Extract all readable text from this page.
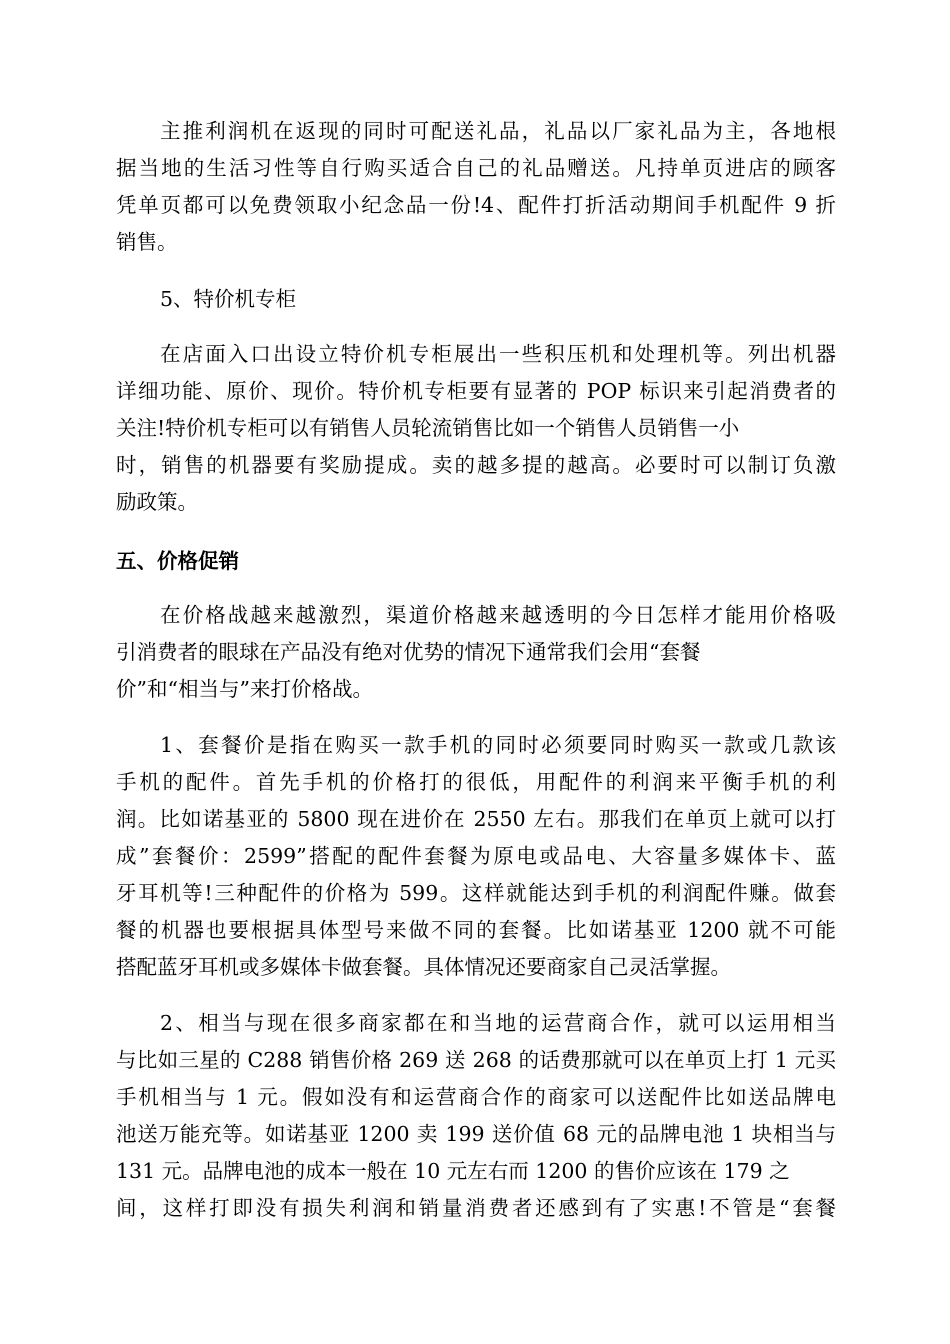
主推利润机在返现的同时可配送礼品，礼品以厂家礼品为主，各地根
据当地的生活习性等自行购买适合自己的礼品赠送。凡持单页进店的顾客
凭单页都可以免费领取小纪念品一份!4、配件打折活动期间手机配件 9 折
销售。
5、特价机专柜
在店面入口出设立特价机专柜展出一些积压机和处理机等。列出机器
详细功能、原价、现价。特价机专柜要有显著的 POP 标识来引起消费者的
关注!特价机专柜可以有销售人员轮流销售比如一个销售人员销售一小
时，销售的机器要有奖励提成。卖的越多提的越高。必要时可以制订负激
励政策。
五、价格促销
在价格战越来越激烈，渠道价格越来越透明的今日怎样才能用价格吸
引消费者的眼球在产品没有绝对优势的情况下通常我们会用“套餐
价”和“相当与”来打价格战。
1、套餐价是指在购买一款手机的同时必须要同时购买一款或几款该
手机的配件。首先手机的价格打的很低，用配件的利润来平衡手机的利
润。比如诺基亚的 5800 现在进价在 2550 左右。那我们在单页上就可以打
成”套餐价：2599”搭配的配件套餐为原电或品电、大容量多媒体卡、蓝
牙耳机等!三种配件的价格为 599。这样就能达到手机的利润配件赚。做套
餐的机器也要根据具体型号来做不同的套餐。比如诺基亚 1200 就不可能
搭配蓝牙耳机或多媒体卡做套餐。具体情况还要商家自己灵活掌握。
2、相当与现在很多商家都在和当地的运营商合作，就可以运用相当
与比如三星的 C288 销售价格 269 送 268 的话费那就可以在单页上打 1 元买
手机相当与 1 元。假如没有和运营商合作的商家可以送配件比如送品牌电
池送万能充等。如诺基亚 1200 卖 199 送价值 68 元的品牌电池 1 块相当与
131 元。品牌电池的成本一般在 10 元左右而 1200 的售价应该在 179 之
间，这样打即没有损失利润和销量消费者还感到有了实惠!不管是“套餐
